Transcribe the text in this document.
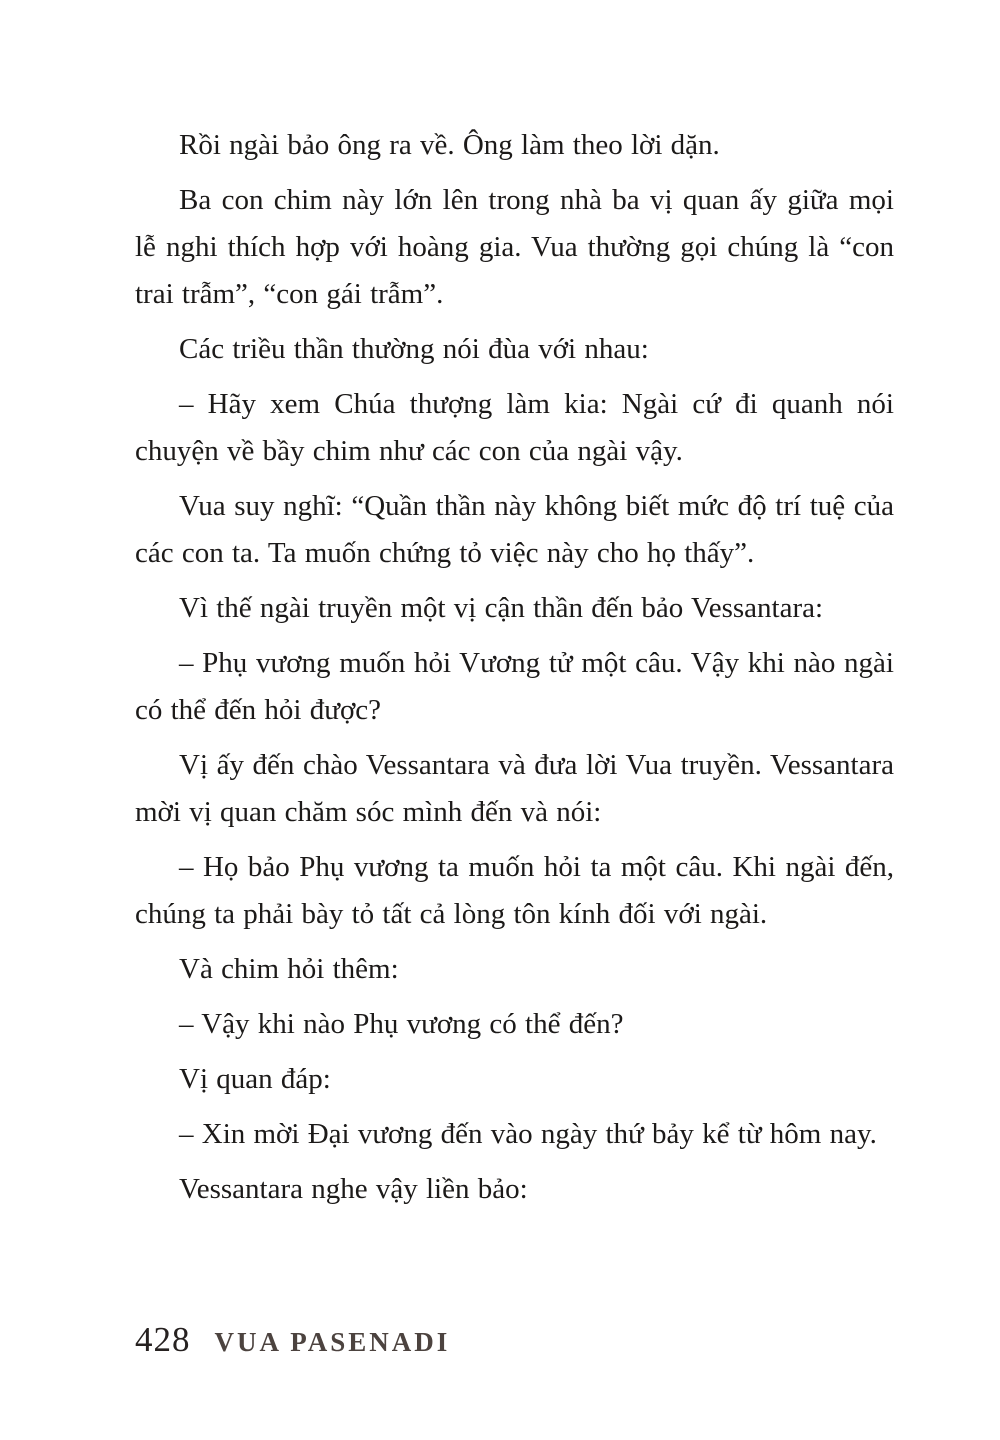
Rồi ngài bảo ông ra về. Ông làm theo lời dặn.

Ba con chim này lớn lên trong nhà ba vị quan ấy giữa mọi lễ nghi thích hợp với hoàng gia. Vua thường gọi chúng là “con trai trẫm”, “con gái trẫm”.

Các triều thần thường nói đùa với nhau:

– Hãy xem Chúa thượng làm kia: Ngài cứ đi quanh nói chuyện về bầy chim như các con của ngài vậy.

Vua suy nghĩ: “Quần thần này không biết mức độ trí tuệ của các con ta. Ta muốn chứng tỏ việc này cho họ thấy”.

Vì thế ngài truyền một vị cận thần đến bảo Vessantara:

– Phụ vương muốn hỏi Vương tử một câu. Vậy khi nào ngài có thể đến hỏi được?

Vị ấy đến chào Vessantara và đưa lời Vua truyền. Vessantara mời vị quan chăm sóc mình đến và nói:

– Họ bảo Phụ vương ta muốn hỏi ta một câu. Khi ngài đến, chúng ta phải bày tỏ tất cả lòng tôn kính đối với ngài.

Và chim hỏi thêm:

– Vậy khi nào Phụ vương có thể đến?

Vị quan đáp:

– Xin mời Đại vương đến vào ngày thứ bảy kể từ hôm nay.

Vessantara nghe vậy liền bảo:

428 VUA PASENADI
